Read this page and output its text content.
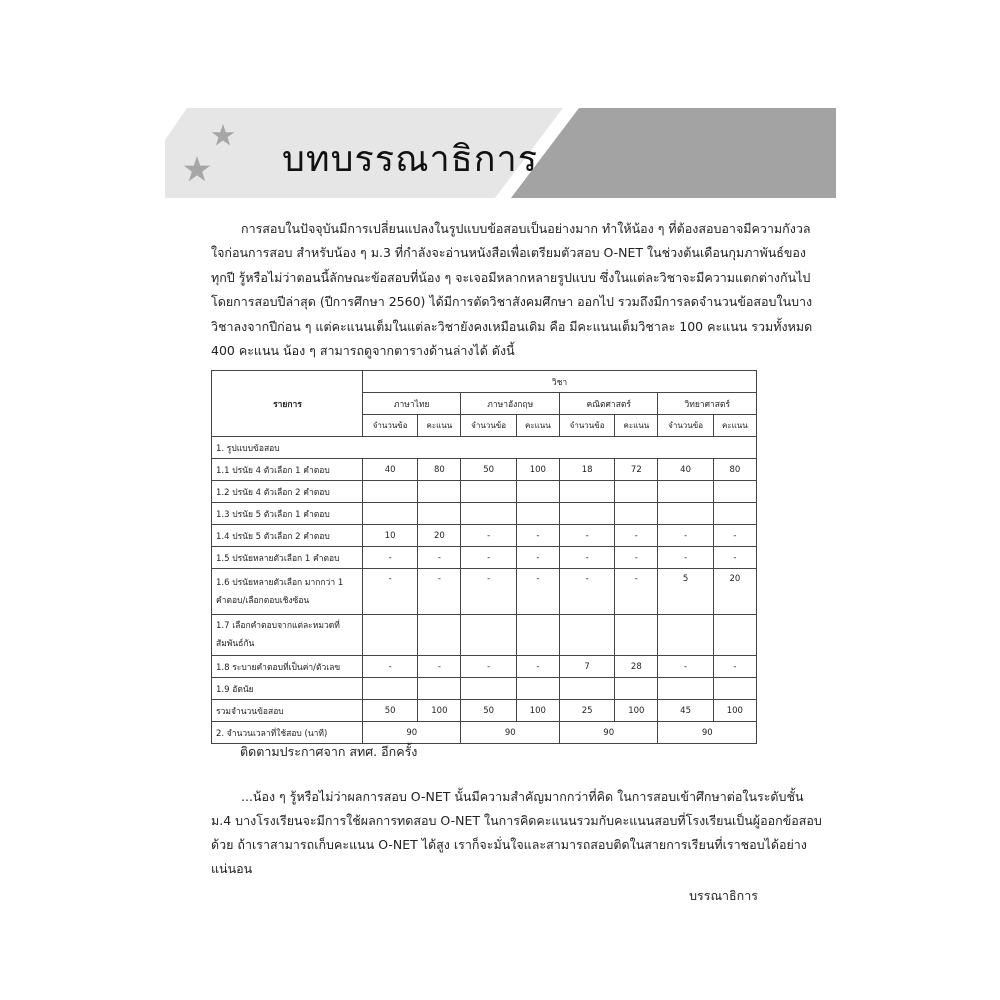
บทบรรณาธิการ
การสอบในปัจจุบันมีการเปลี่ยนแปลงในรูปแบบข้อสอบเป็นอย่างมาก ทำให้น้อง ๆ ที่ต้องสอบอาจมีความกังวล
ใจก่อนการสอบ สำหรับน้อง ๆ ม.3 ที่กำลังจะอ่านหนังสือเพื่อเตรียมตัวสอบ O-NET ในช่วงต้นเดือนกุมภาพันธ์ของ
ทุกปี รู้หรือไม่ว่าตอนนี้ลักษณะข้อสอบที่น้อง ๆ จะเจอมีหลากหลายรูปแบบ ซึ่งในแต่ละวิชาจะมีความแตกต่างกันไป
โดยการสอบปีล่าสุด (ปีการศึกษา 2560) ได้มีการตัดวิชาสังคมศึกษา ออกไป รวมถึงมีการลดจำนวนข้อสอบในบาง
วิชาลงจากปีก่อน ๆ แต่คะแนนเต็มในแต่ละวิชายังคงเหมือนเดิม คือ มีคะแนนเต็มวิชาละ 100 คะแนน รวมทั้งหมด
400 คะแนน น้อง ๆ สามารถดูจากตารางด้านล่างได้ ดังนี้
รายการ	วิชา							
	ภาษาไทย		ภาษาอังกฤษ		คณิตศาสตร์		วิทยาศาสตร์	
	จำนวนข้อ	คะแนน	จำนวนข้อ	คะแนน	จำนวนข้อ	คะแนน	จำนวนข้อ	คะแนน
1. รูปแบบข้อสอบ								
1.1 ปรนัย 4 ตัวเลือก 1 คำตอบ	40	80	50	100	18	72	40	80
1.2 ปรนัย 4 ตัวเลือก 2 คำตอบ								
1.3 ปรนัย 5 ตัวเลือก 1 คำตอบ								
1.4 ปรนัย 5 ตัวเลือก 2 คำตอบ	10	20	-	-	-	-	-	-
1.5 ปรนัยหลายตัวเลือก 1 คำตอบ	-	-	-	-	-	-	-	-

1.6 ปรนัยหลายตัวเลือก มากกว่า 1
คำตอบ/เลือกตอบเชิงซ้อน	-	-	-	-	-	-	5	20

1.7 เลือกคำตอบจากแต่ละหมวดที่
สัมพันธ์กัน								

1.8 ระบายคำตอบที่เป็นค่า/ตัวเลข	-	-	-	-	7	28	-	-
1.9 อัตนัย								
รวมจำนวนข้อสอบ	50	100	50	100	25	100	45	100
2. จำนวนเวลาที่ใช้สอบ (นาที)	90		90		90		90	
ติดตามประกาศจาก สทศ. อีกครั้ง
...น้อง ๆ รู้หรือไม่ว่าผลการสอบ O-NET นั้นมีความสำคัญมากกว่าที่คิด ในการสอบเข้าศึกษาต่อในระดับชั้น
ม.4 บางโรงเรียนจะมีการใช้ผลการทดสอบ O-NET ในการคิดคะแนนรวมกับคะแนนสอบที่โรงเรียนเป็นผู้ออกข้อสอบ
ด้วย ถ้าเราสามารถเก็บคะแนน O-NET ได้สูง เราก็จะมั่นใจและสามารถสอบติดในสายการเรียนที่เราชอบได้อย่าง
แน่นอน
บรรณาธิการ
